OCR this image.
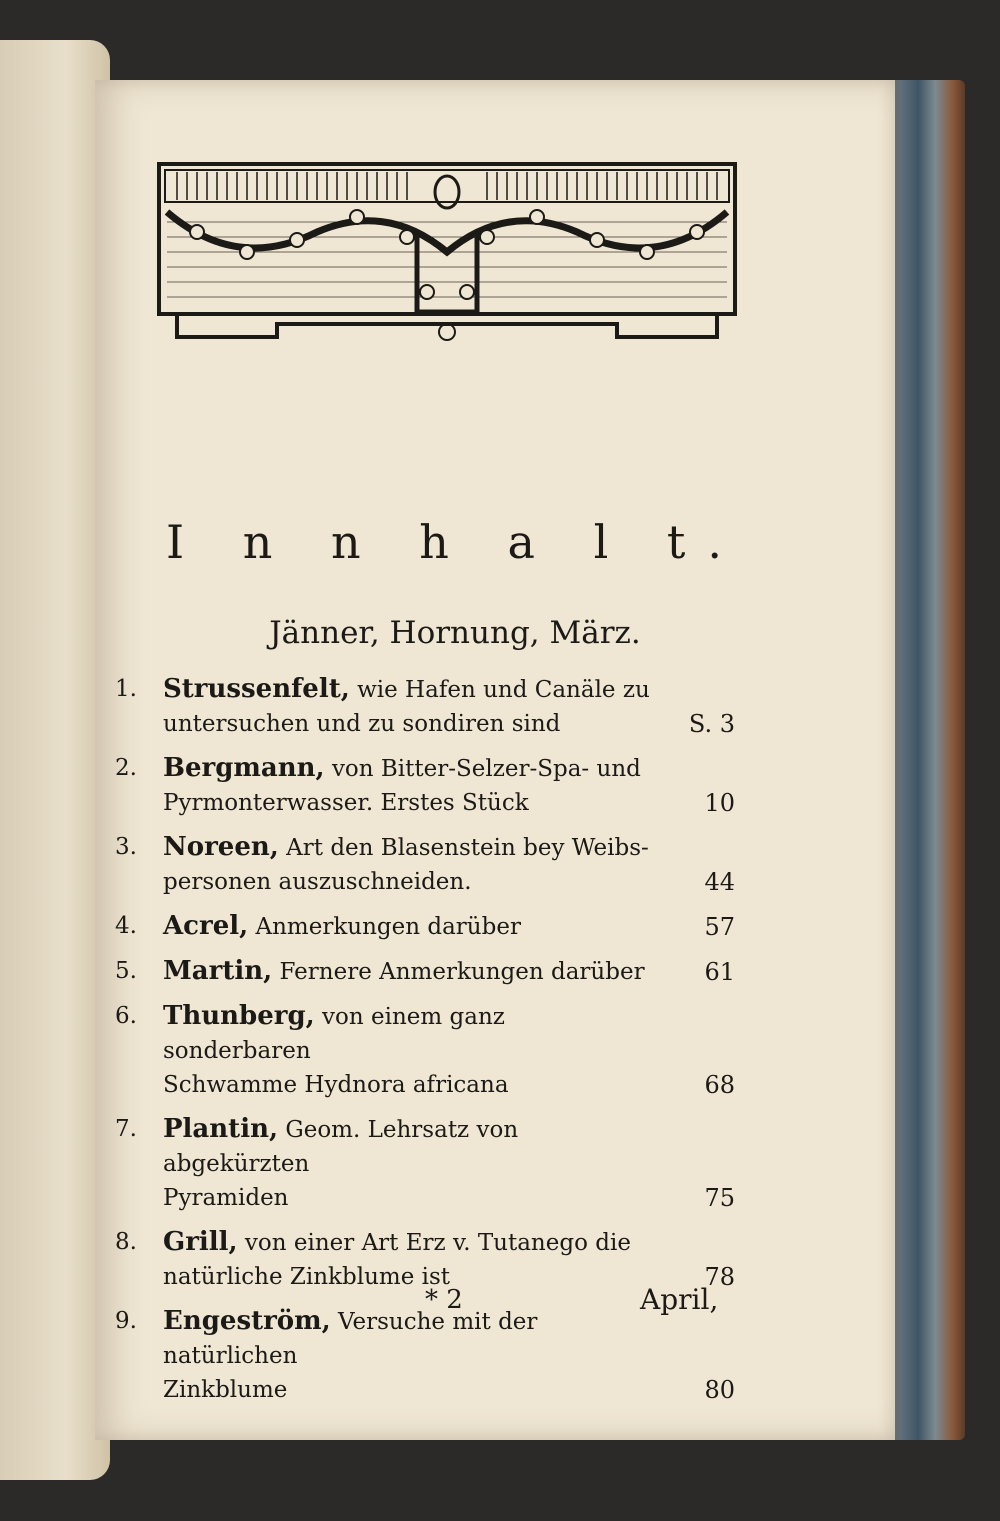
I n n h a l t.
Jänner, Hornung, März.
1.	Strussenfelt, wie Hafen und Canäle zu
untersuchen und zu sondiren sind	S. 3
2.	Bergmann, von Bitter-Selzer-Spa- und
Pyrmonterwasser. Erstes Stück	10
3.	Noreen, Art den Blasenstein bey Weibs-
personen auszuschneiden.	44
4.	Acrel, Anmerkungen darüber	57
5.	Martin, Fernere Anmerkungen darüber	61
6.	Thunberg, von einem ganz sonderbaren
Schwamme Hydnora africana	68
7.	Plantin, Geom. Lehrsatz von abgekürzten
Pyramiden	75
8.	Grill, von einer Art Erz v. Tutanego die
natürliche Zinkblume ist	78
9.	Engeström, Versuche mit der natürlichen
Zinkblume	80
* 2	April,
